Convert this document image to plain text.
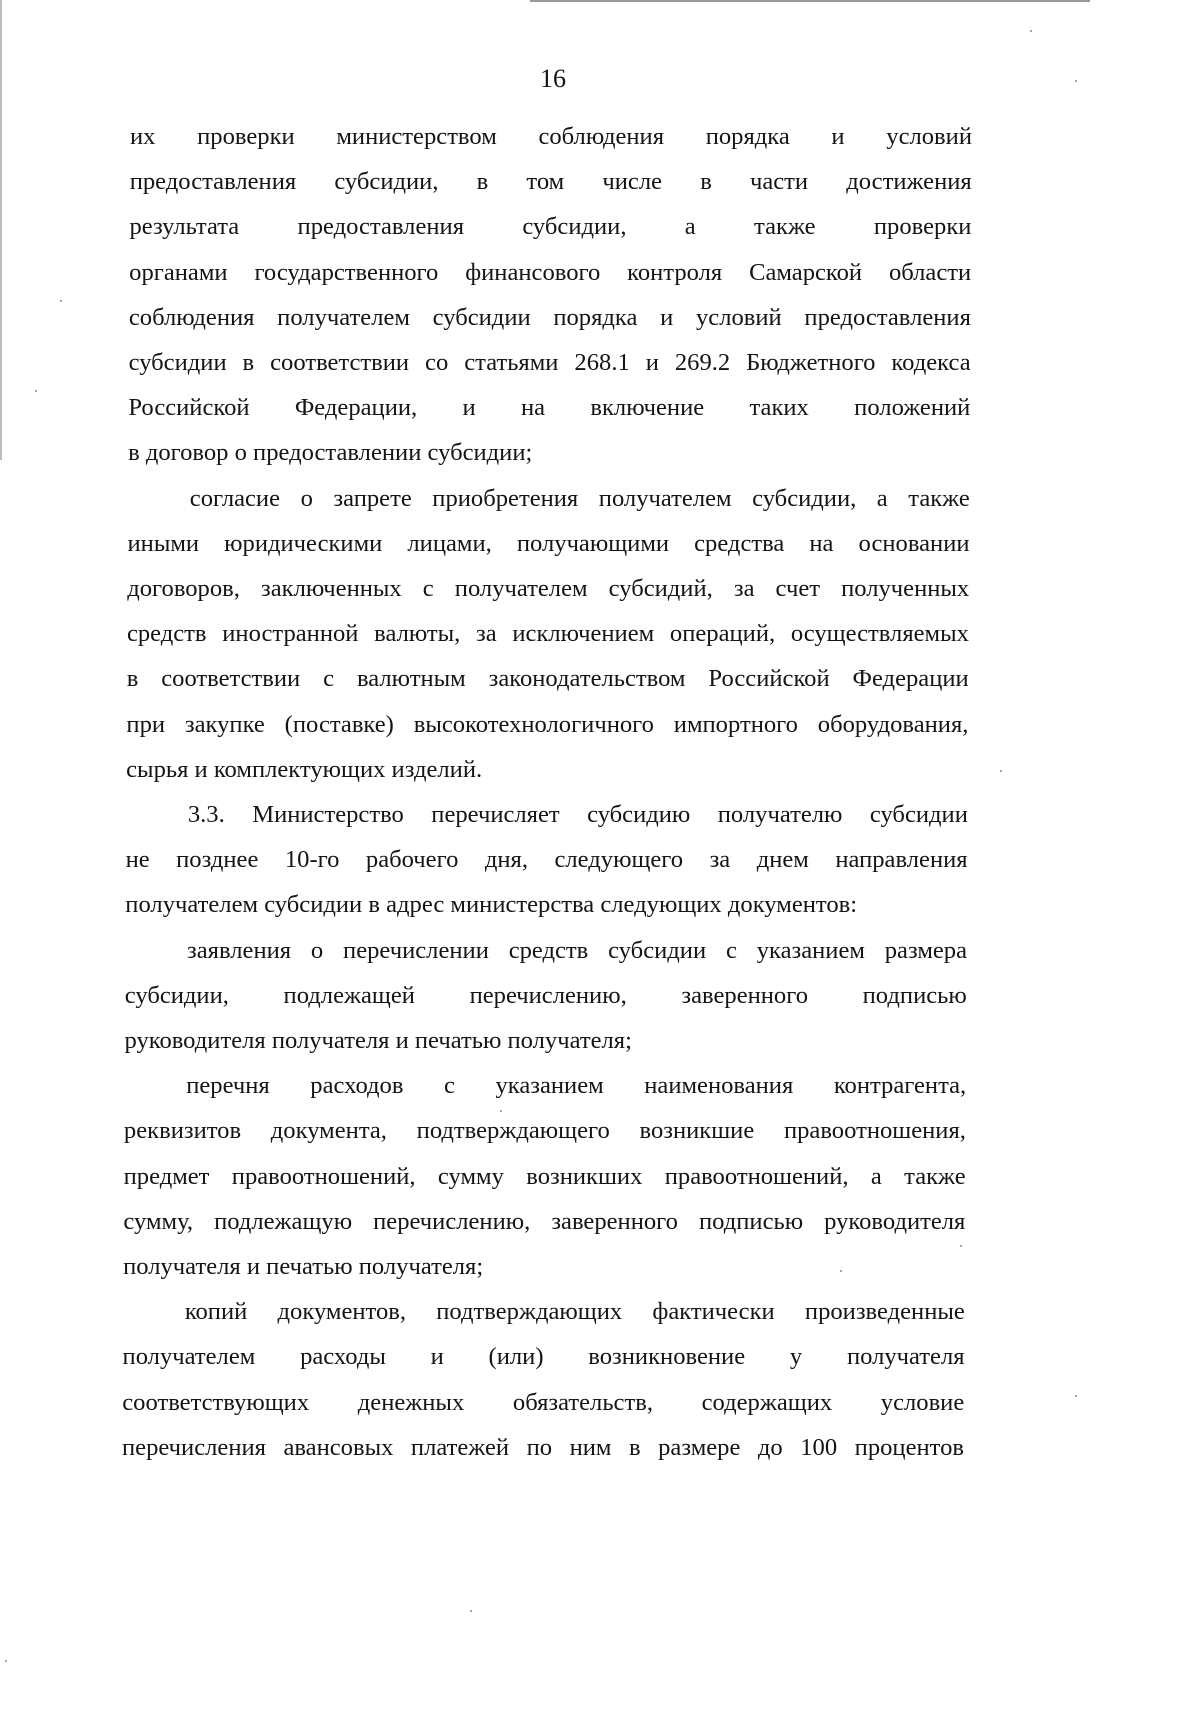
16
их проверки министерством соблюдения порядка и условий
предоставления субсидии, в том числе в части достижения
результата предоставления субсидии, а также проверки
органами государственного финансового контроля Самарской области
соблюдения получателем субсидии порядка и условий предоставления
субсидии в соответствии со статьями 268.1 и 269.2 Бюджетного кодекса
Российской Федерации, и на включение таких положений
в договор о предоставлении субсидии;
согласие о запрете приобретения получателем субсидии, а также
иными юридическими лицами, получающими средства на основании
договоров, заключенных с получателем субсидий, за счет полученных
средств иностранной валюты, за исключением операций, осуществляемых
в соответствии с валютным законодательством Российской Федерации
при закупке (поставке) высокотехнологичного импортного оборудования,
сырья и комплектующих изделий.
3.3. Министерство перечисляет субсидию получателю субсидии
не позднее 10-го рабочего дня, следующего за днем направления
получателем субсидии в адрес министерства следующих документов:
заявления о перечислении средств субсидии с указанием размера
субсидии, подлежащей перечислению, заверенного подписью
руководителя получателя и печатью получателя;
перечня расходов с указанием наименования контрагента,
реквизитов документа, подтверждающего возникшие правоотношения,
предмет правоотношений, сумму возникших правоотношений, а также
сумму, подлежащую перечислению, заверенного подписью руководителя
получателя и печатью получателя;
копий документов, подтверждающих фактически произведенные
получателем расходы и (или) возникновение у получателя
соответствующих денежных обязательств, содержащих условие
перечисления авансовых платежей по ним в размере до 100 процентов
